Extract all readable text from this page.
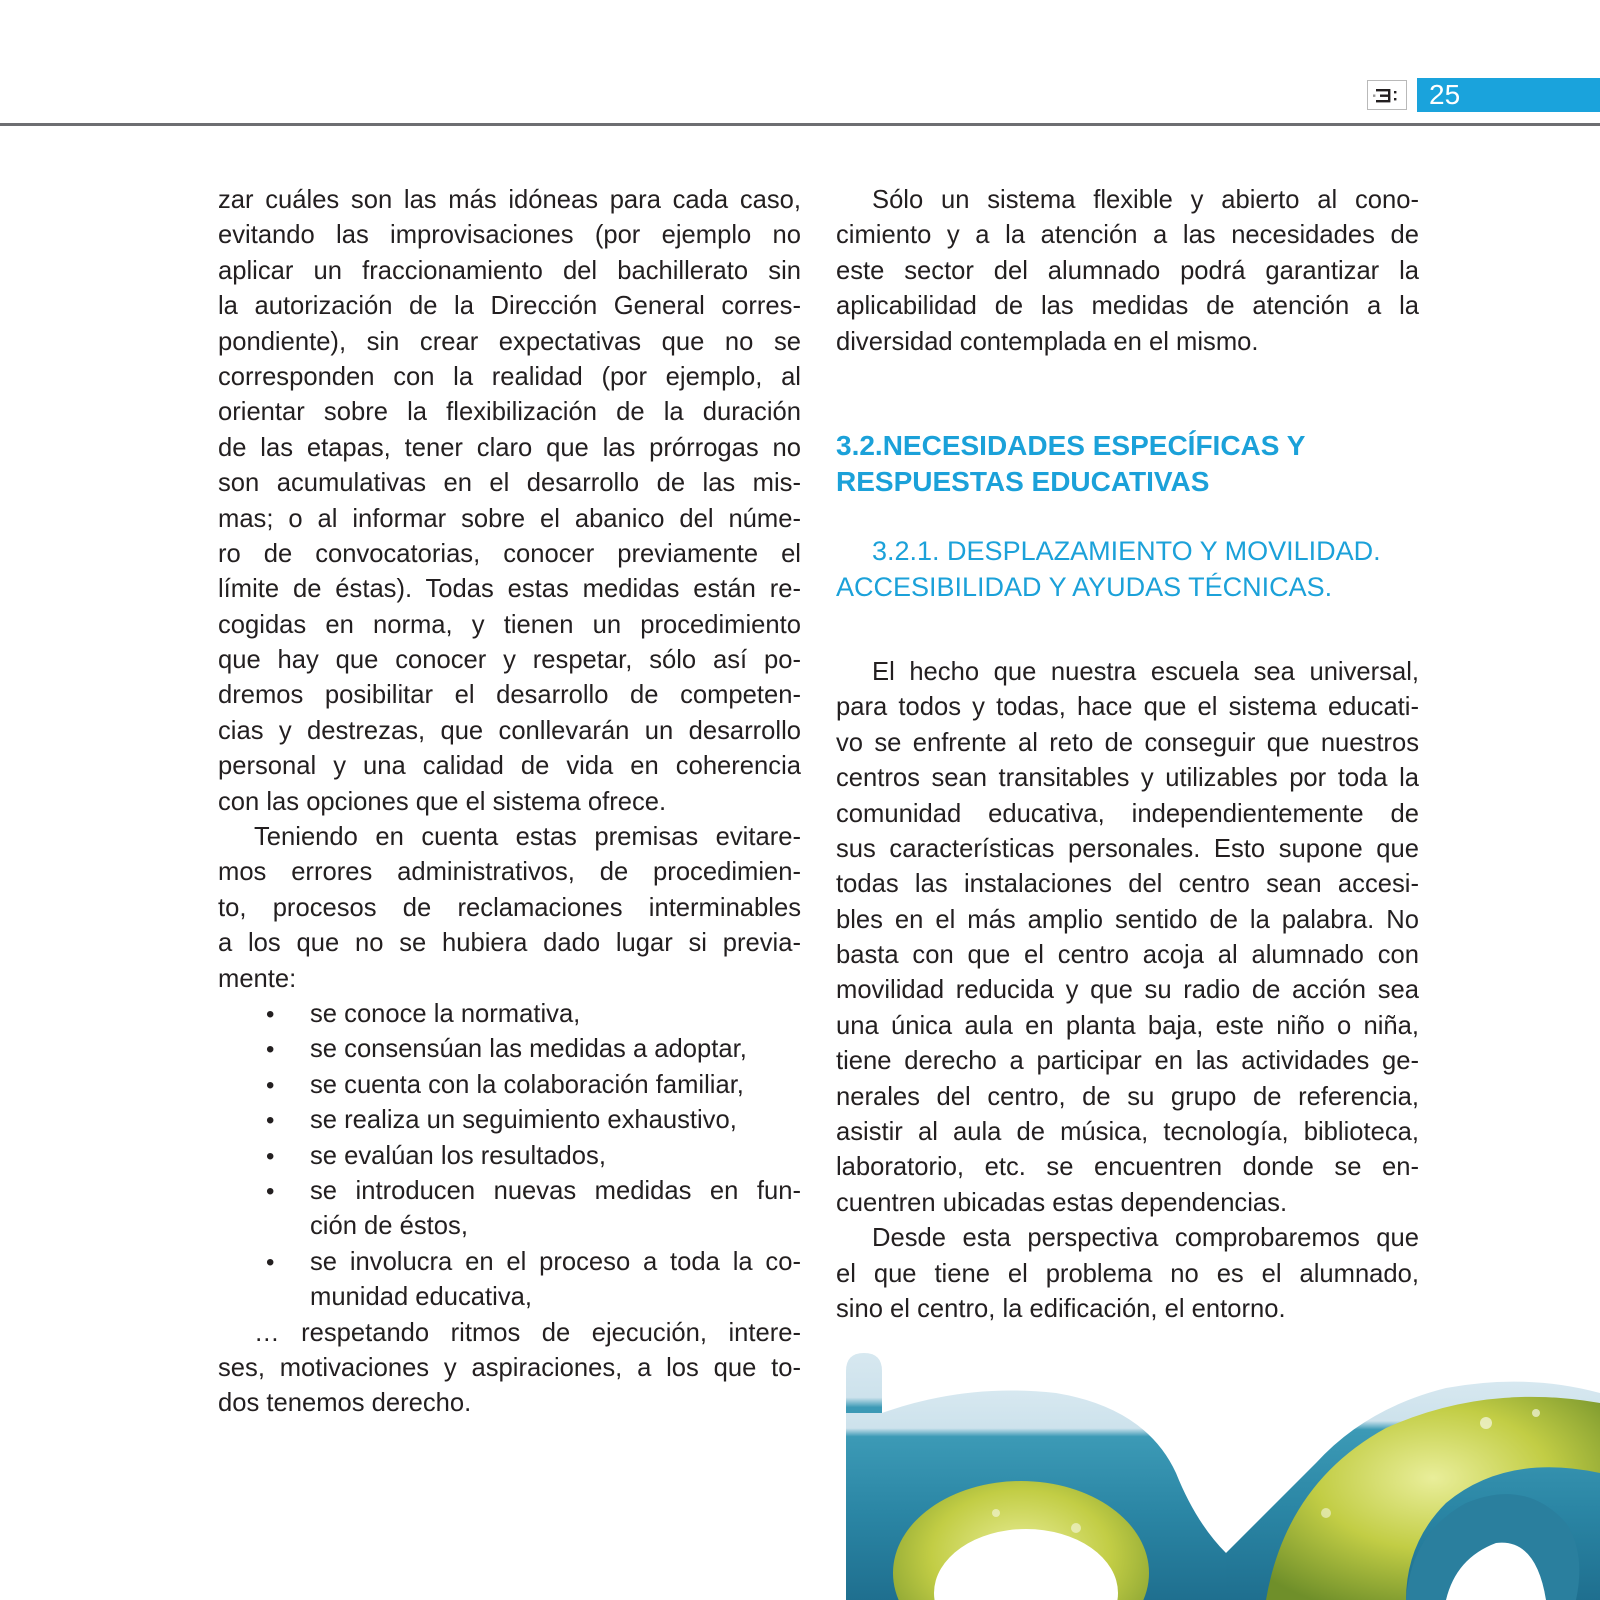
25
zar cuáles son las más idóneas para cada caso,
evitando las improvisaciones (por ejemplo no
aplicar un fraccionamiento del bachillerato sin
la autorización de la Dirección General corres-
pondiente), sin crear expectativas que no se
corresponden con la realidad (por ejemplo, al
orientar sobre la flexibilización de la duración
de las etapas, tener claro que las prórrogas no
son acumulativas en el desarrollo de las mis-
mas; o al informar sobre el abanico del núme-
ro de convocatorias, conocer previamente el
límite de éstas). Todas estas medidas están re-
cogidas en norma, y tienen un procedimiento
que hay que conocer y respetar, sólo así po-
dremos posibilitar el desarrollo de competen-
cias y destrezas, que conllevarán un desarrollo
personal y una calidad de vida en coherencia
con las opciones que el sistema ofrece.
Teniendo en cuenta estas premisas evitare-
mos errores administrativos, de procedimien-
to, procesos de reclamaciones interminables
a los que no se hubiera dado lugar si previa-
mente:
• se conoce la normativa,
• se consensúan las medidas a adoptar,
• se cuenta con la colaboración familiar,
• se realiza un seguimiento exhaustivo,
• se evalúan los resultados,
• se introducen nuevas medidas en fun-
ción de éstos,
• se involucra en el proceso a toda la co-
munidad educativa,
… respetando ritmos de ejecución, intere-
ses, motivaciones y aspiraciones, a los que to-
dos tenemos derecho.
Sólo un sistema flexible y abierto al cono-
cimiento y a la atención a las necesidades de
este sector del alumnado podrá garantizar la
aplicabilidad de las medidas de atención a la
diversidad contemplada en el mismo.
3.2.NECESIDADES ESPECÍFICAS Y
RESPUESTAS EDUCATIVAS
3.2.1. DESPLAZAMIENTO Y MOVILIDAD.
ACCESIBILIDAD Y AYUDAS TÉCNICAS.
El hecho que nuestra escuela sea universal,
para todos y todas, hace que el sistema educati-
vo se enfrente al reto de conseguir que nuestros
centros sean transitables y utilizables por toda la
comunidad educativa, independientemente de
sus características personales. Esto supone que
todas las instalaciones del centro sean accesi-
bles en el más amplio sentido de la palabra. No
basta con que el centro acoja al alumnado con
movilidad reducida y que su radio de acción sea
una única aula en planta baja, este niño o niña,
tiene derecho a participar en las actividades ge-
nerales del centro, de su grupo de referencia,
asistir al aula de música, tecnología, biblioteca,
laboratorio, etc. se encuentren donde se en-
cuentren ubicadas estas dependencias.
Desde esta perspectiva comprobaremos que
el que tiene el problema no es el alumnado,
sino el centro, la edificación, el entorno.
